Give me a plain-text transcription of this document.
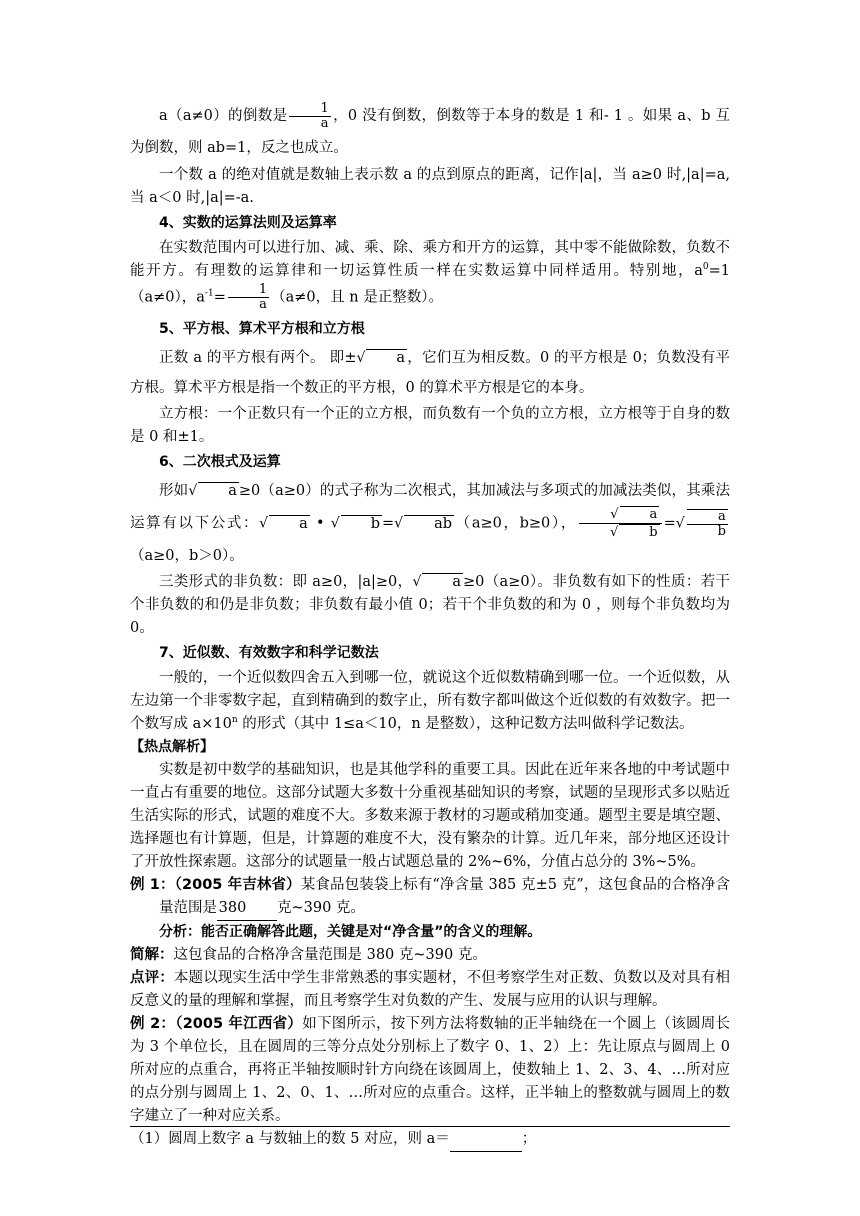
a（a≠0）的倒数是 $\frac{1}{a}$ ，0 没有倒数，倒数等于本身的数是 1 和- 1 。如果 a、b 互为倒数，则 ab=1，反之也成立。

一个数 a 的绝对值就是数轴上表示数 a 的点到原点的距离，记作|a|，当 a≥0 时,|a|=a,当 a＜0 时,|a|=-a.

4、实数的运算法则及运算率

在实数范围内可以进行加、减、乘、除、乘方和开方的运算，其中零不能做除数，负数不能开方。有理数的运算律和一切运算性质一样在实数运算中同样适用。特别地，$a^0=1(a\ne 0)$，$a^{-1}= \frac{1}{a} (a\ne 0$，且 n 是正整数）。

5、平方根、算术平方根和立方根

正数 a 的平方根有两个。 即±√ a ，它们互为相反数。0 的平方根是 0；负数没有平方根。算术平方根是指一个数正的平方根，0 的算术平方根是它的本身。

立方根：一个正数只有一个正的立方根，而负数有一个负的立方根，立方根等于自身的数是 0 和±1。

6、二次根式及运算

形如√ a ≥0（a≥0）的式子称为二次根式，其加减法与多项式的加减法类似，其乘法运算有以下公式：√ a • √ b =√ ab （a≥0，b≥0）， $\frac{√ a}{√ b}$ =√ $\frac{a}{b}$
（a≥0，b＞0）。

三类形式的非负数：即 a≥0，|a|≥0，√ a ≥0（a≥0）。非负数有如下的性质：若干个非负数的和仍是非负数；非负数有最小值 0；若干个非负数的和为 0 ，则每个非负数均为 0。

7、近似数、有效数字和科学记数法

一般的，一个近似数四舍五入到哪一位，就说这个近似数精确到哪一位。一个近似数，从左边第一个非零数字起，直到精确到的数字止，所有数字都叫做这个近似数的有效数字。把一个数写成 $a\times 10^n$ 的形式（其中 1≤a＜10，n 是整数），这种记数方法叫做科学记数法。

【热点解析】

实数是初中数学的基础知识，也是其他学科的重要工具。因此在近年来各地的中考试题中一直占有重要的地位。这部分试题大多数十分重视基础知识的考察，试题的呈现形式多以贴近生活实际的形式，试题的难度不大。多数来源于教材的习题或稍加变通。题型主要是填空题、选择题也有计算题，但是，计算题的难度不大，没有繁杂的计算。近几年来，部分地区还设计了开放性探索题。这部分的试题量一般占试题总量的 2%~6%，分值占总分的 3%~5%。

例 1：（2005 年吉林省）某食品包装袋上标有“净含量 385 克±5 克”，这包食品的合格净含量范围是 380 克~390 克。

分析：能否正确解答此题，关键是对“净含量”的含义的理解。

简解：这包食品的合格净含量范围是 380 克~390 克。

点评：本题以现实生活中学生非常熟悉的事实题材，不但考察学生对正数、负数以及对具有相反意义的量的理解和掌握，而且考察学生对负数的产生、发展与应用的认识与理解。

例 2：（2005 年江西省）如下图所示，按下列方法将数轴的正半轴绕在一个圆上（该圆周长为 3 个单位长，且在圆周的三等分点处分别标上了数字 0、1、2）上：先让原点与圆周上 0 所对应的点重合，再将正半轴按顺时针方向绕在该圆周上，使数轴上 1、2、3、4、…所对应的点分别与圆周上 1、2、0、1、…所对应的点重合。这样，正半轴上的整数就与圆周上的数字建立了一种对应关系。

（1）圆周上数字 a 与数轴上的数 5 对应，则 a＝	；
